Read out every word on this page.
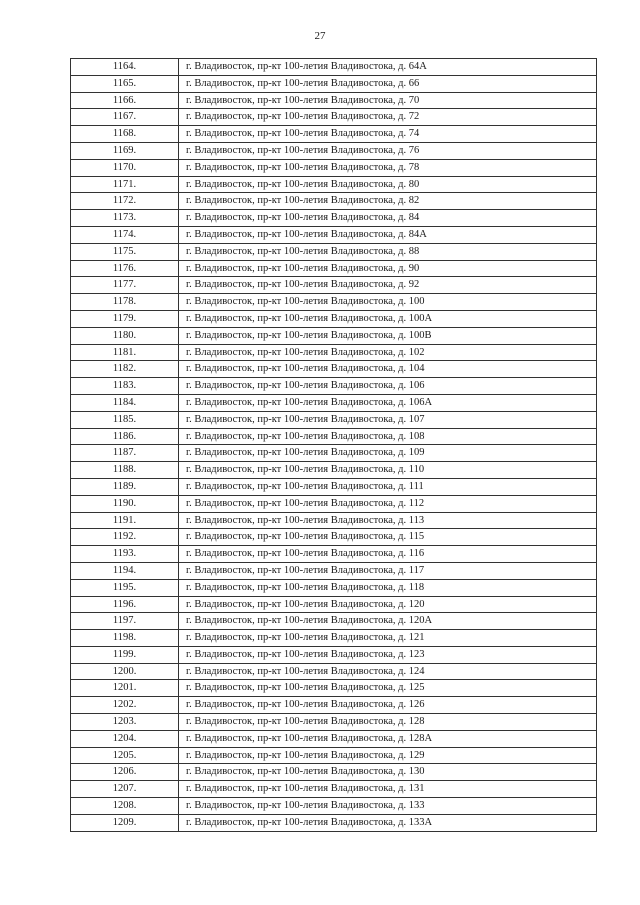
27
1164.	г. Владивосток, пр-кт 100-летия Владивостока, д. 64А
1165.	г. Владивосток, пр-кт 100-летия Владивостока, д. 66
1166.	г. Владивосток, пр-кт 100-летия Владивостока, д. 70
1167.	г. Владивосток, пр-кт 100-летия Владивостока, д. 72
1168.	г. Владивосток, пр-кт 100-летия Владивостока, д. 74
1169.	г. Владивосток, пр-кт 100-летия Владивостока, д. 76
1170.	г. Владивосток, пр-кт 100-летия Владивостока, д. 78
1171.	г. Владивосток, пр-кт 100-летия Владивостока, д. 80
1172.	г. Владивосток, пр-кт 100-летия Владивостока, д. 82
1173.	г. Владивосток, пр-кт 100-летия Владивостока, д. 84
1174.	г. Владивосток, пр-кт 100-летия Владивостока, д. 84А
1175.	г. Владивосток, пр-кт 100-летия Владивостока, д. 88
1176.	г. Владивосток, пр-кт 100-летия Владивостока, д. 90
1177.	г. Владивосток, пр-кт 100-летия Владивостока, д. 92
1178.	г. Владивосток, пр-кт 100-летия Владивостока, д. 100
1179.	г. Владивосток, пр-кт 100-летия Владивостока, д. 100А
1180.	г. Владивосток, пр-кт 100-летия Владивостока, д. 100В
1181.	г. Владивосток, пр-кт 100-летия Владивостока, д. 102
1182.	г. Владивосток, пр-кт 100-летия Владивостока, д. 104
1183.	г. Владивосток, пр-кт 100-летия Владивостока, д. 106
1184.	г. Владивосток, пр-кт 100-летия Владивостока, д. 106А
1185.	г. Владивосток, пр-кт 100-летия Владивостока, д. 107
1186.	г. Владивосток, пр-кт 100-летия Владивостока, д. 108
1187.	г. Владивосток, пр-кт 100-летия Владивостока, д. 109
1188.	г. Владивосток, пр-кт 100-летия Владивостока, д. 110
1189.	г. Владивосток, пр-кт 100-летия Владивостока, д. 111
1190.	г. Владивосток, пр-кт 100-летия Владивостока, д. 112
1191.	г. Владивосток, пр-кт 100-летия Владивостока, д. 113
1192.	г. Владивосток, пр-кт 100-летия Владивостока, д. 115
1193.	г. Владивосток, пр-кт 100-летия Владивостока, д. 116
1194.	г. Владивосток, пр-кт 100-летия Владивостока, д. 117
1195.	г. Владивосток, пр-кт 100-летия Владивостока, д. 118
1196.	г. Владивосток, пр-кт 100-летия Владивостока, д. 120
1197.	г. Владивосток, пр-кт 100-летия Владивостока, д. 120А
1198.	г. Владивосток, пр-кт 100-летия Владивостока, д. 121
1199.	г. Владивосток, пр-кт 100-летия Владивостока, д. 123
1200.	г. Владивосток, пр-кт 100-летия Владивостока, д. 124
1201.	г. Владивосток, пр-кт 100-летия Владивостока, д. 125
1202.	г. Владивосток, пр-кт 100-летия Владивостока, д. 126
1203.	г. Владивосток, пр-кт 100-летия Владивостока, д. 128
1204.	г. Владивосток, пр-кт 100-летия Владивостока, д. 128А
1205.	г. Владивосток, пр-кт 100-летия Владивостока, д. 129
1206.	г. Владивосток, пр-кт 100-летия Владивостока, д. 130
1207.	г. Владивосток, пр-кт 100-летия Владивостока, д. 131
1208.	г. Владивосток, пр-кт 100-летия Владивостока, д. 133
1209.	г. Владивосток, пр-кт 100-летия Владивостока, д. 133А
